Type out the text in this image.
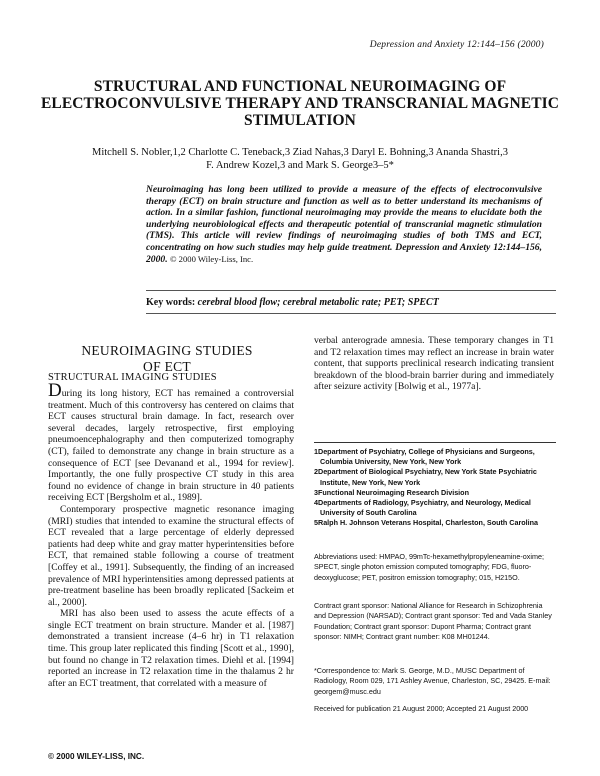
Depression and Anxiety 12:144–156 (2000)
STRUCTURAL AND FUNCTIONAL NEUROIMAGING OF ELECTROCONVULSIVE THERAPY AND TRANSCRANIAL MAGNETIC STIMULATION
Mitchell S. Nobler,1,2 Charlotte C. Teneback,3 Ziad Nahas,3 Daryl E. Bohning,3 Ananda Shastri,3
F. Andrew Kozel,3 and Mark S. George3–5*
Neuroimaging has long been utilized to provide a measure of the effects of electroconvulsive therapy (ECT) on brain structure and function as well as to better understand its mechanisms of action. In a similar fashion, functional neuroimaging may provide the means to elucidate both the underlying neurobiological effects and therapeutic potential of transcranial magnetic stimulation (TMS). This article will review findings of neuroimaging studies of both TMS and ECT, concentrating on how such studies may help guide treatment. Depression and Anxiety 12:144–156, 2000. © 2000 Wiley-Liss, Inc.
Key words: cerebral blood flow; cerebral metabolic rate; PET; SPECT
NEUROIMAGING STUDIES
OF ECT
STRUCTURAL IMAGING STUDIES

During its long history, ECT has remained a controversial treatment. Much of this controversy has centered on claims that ECT causes structural brain damage. In fact, research over several decades, largely retrospective, first employing pneumoencephalography and then computerized tomography (CT), failed to demonstrate any change in brain structure as a consequence of ECT [see Devanand et al., 1994 for review]. Importantly, the one fully prospective CT study in this area found no evidence of change in brain structure in 40 patients receiving ECT [Bergsholm et al., 1989].

Contemporary prospective magnetic resonance imaging (MRI) studies that intended to examine the structural effects of ECT revealed that a large percentage of elderly depressed patients had deep white and gray matter hyperintensities before ECT, that remained stable following a course of treatment [Coffey et al., 1991]. Subsequently, the finding of an increased prevalence of MRI hyperintensities among depressed patients at pre-treatment baseline has been broadly replicated [Sackeim et al., 2000].

MRI has also been used to assess the acute effects of a single ECT treatment on brain structure. Mander et al. [1987] demonstrated a transient increase (4–6 hr) in T1 relaxation time. This group later replicated this finding [Scott et al., 1990], but found no change in T2 relaxation times. Diehl et al. [1994] reported an increase in T2 relaxation time in the thalamus 2 hr after an ECT treatment, that correlated with a measure of

verbal anterograde amnesia. These temporary changes in T1 and T2 relaxation times may reflect an increase in brain water content, that supports preclinical research indicating transient breakdown of the blood-brain barrier during and immediately after seizure activity [Bolwig et al., 1977a].

1Department of Psychiatry, College of Physicians and Surgeons, Columbia University, New York, New York
2Department of Biological Psychiatry, New York State Psychiatric Institute, New York, New York
3Functional Neuroimaging Research Division
4Departments of Radiology, Psychiatry, and Neurology, Medical University of South Carolina
5Ralph H. Johnson Veterans Hospital, Charleston, South Carolina
Abbreviations used: HMPAO, 99mTc-hexamethylpropyleneamine-oxime; SPECT, single photon emission computed tomography; FDG, fluoro-deoxyglucose; PET, positron emission tomography; 015, H215O.
Contract grant sponsor: National Alliance for Research in Schizophrenia and Depression (NARSAD); Contract grant sponsor: Ted and Vada Stanley Foundation; Contract grant sponsor: Dupont Pharma; Contract grant sponsor: NIMH; Contract grant number: K08 MH01244.
*Correspondence to: Mark S. George, M.D., MUSC Department of Radiology, Room 029, 171 Ashley Avenue, Charleston, SC, 29425. E-mail: georgem@musc.edu
Received for publication 21 August 2000; Accepted 21 August 2000
© 2000 WILEY-LISS, INC.
